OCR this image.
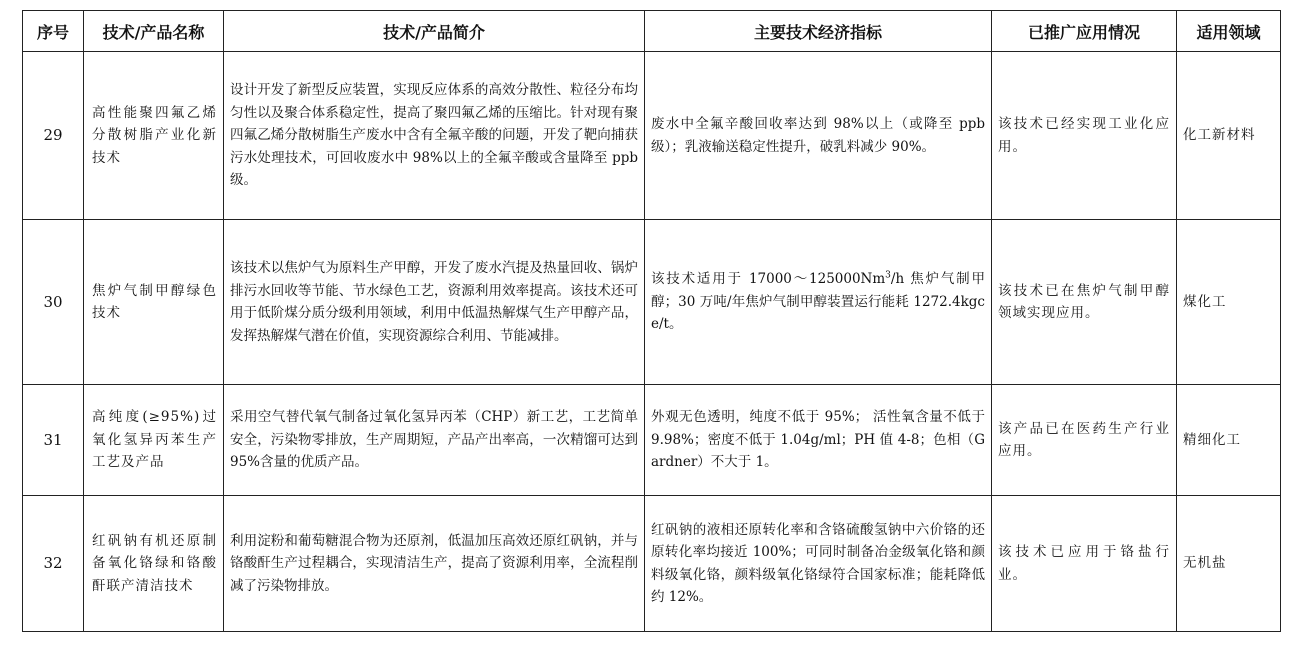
序号	技术/产品名称	技术/产品简介	主要技术经济指标	已推广应用情况	适用领域
29	高性能聚四氟乙烯分散树脂产业化新技术	设计开发了新型反应装置，实现反应体系的高效分散性、粒径分布均匀性以及聚合体系稳定性，提高了聚四氟乙烯的压缩比。针对现有聚四氟乙烯分散树脂生产废水中含有全氟辛酸的问题，开发了靶向捕获污水处理技术，可回收废水中 98%以上的全氟辛酸或含量降至 ppb 级。	废水中全氟辛酸回收率达到 98%以上（或降至 ppb 级）；乳液输送稳定性提升，破乳料减少 90%。	该技术已经实现工业化应用。	化工新材料
30	焦炉气制甲醇绿色技术	该技术以焦炉气为原料生产甲醇，开发了废水汽提及热量回收、锅炉排污水回收等节能、节水绿色工艺，资源利用效率提高。该技术还可用于低阶煤分质分级利用领域，利用中低温热解煤气生产甲醇产品，发挥热解煤气潜在价值，实现资源综合利用、节能减排。	该技术适用于 17000～125000Nm$^3$/h 焦炉气制甲醇；30 万吨/年焦炉气制甲醇装置运行能耗 1272.4kgce/t。	该技术已在焦炉气制甲醇领域实现应用。	煤化工
31	高纯度(≥95%)过氧化氢异丙苯生产工艺及产品	采用空气替代氧气制备过氧化氢异丙苯（CHP）新工艺，工艺简单安全，污染物零排放，生产周期短，产品产出率高，一次精馏可达到 95%含量的优质产品。	外观无色透明，纯度不低于 95%； 活性氧含量不低于 9.98%；密度不低于 1.04g/ml；PH 值 4-8；色相（Gardner）不大于 1。	该产品已在医药生产行业应用。	精细化工
32	红矾钠有机还原制备氧化铬绿和铬酸酐联产清洁技术	利用淀粉和葡萄糖混合物为还原剂，低温加压高效还原红矾钠，并与铬酸酐生产过程耦合，实现清洁生产，提高了资源利用率，全流程削减了污染物排放。	红矾钠的液相还原转化率和含铬硫酸氢钠中六价铬的还原转化率均接近 100%；可同时制备冶金级氧化铬和颜料级氧化铬，颜料级氧化铬绿符合国家标准；能耗降低约 12%。	该技术已应用于铬盐行业。	无机盐
